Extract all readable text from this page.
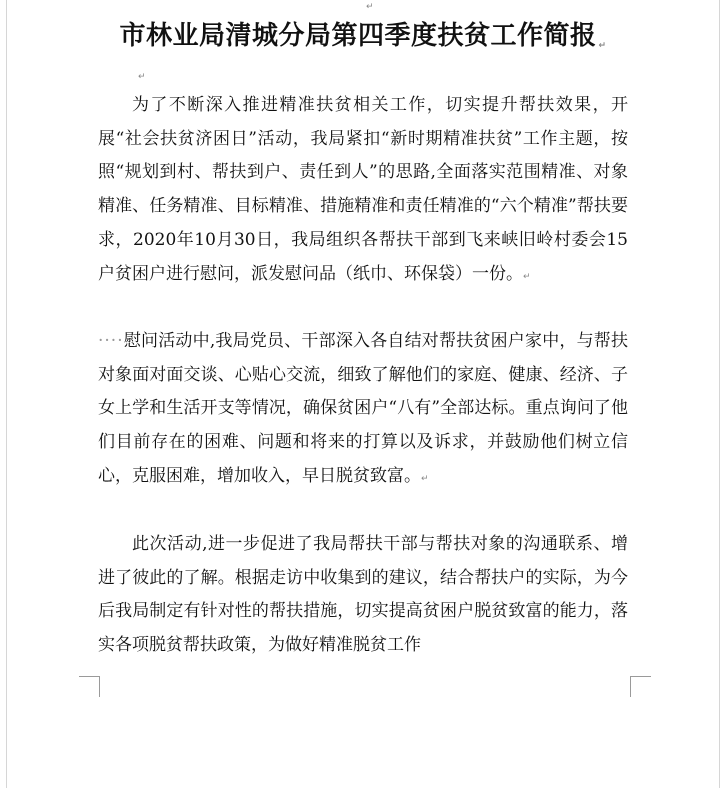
↵
市林业局清城分局第四季度扶贫工作简报 ↵
↵

为了不断深入推进精准扶贫相关工作，切实提升帮扶效果，开展“社会扶贫济困日”活动，我局紧扣“新时期精准扶贫”工作主题，按照“规划到村、帮扶到户、责任到人”的思路,全面落实范围精准、对象精准、任务精准、目标精准、措施精准和责任精准的“六个精准”帮扶要求，2020年10月30日，我局组织各帮扶干部到飞来峡旧岭村委会15户贫困户进行慰问，派发慰问品（纸巾、环保袋）一份。↵

····慰问活动中,我局党员、干部深入各自结对帮扶贫困户家中，与帮扶对象面对面交谈、心贴心交流，细致了解他们的家庭、健康、经济、子女上学和生活开支等情况，确保贫困户“八有”全部达标。重点询问了他们目前存在的困难、问题和将来的打算以及诉求，并鼓励他们树立信心，克服困难，增加收入，早日脱贫致富。↵

此次活动,进一步促进了我局帮扶干部与帮扶对象的沟通联系、增进了彼此的了解。根据走访中收集到的建议，结合帮扶户的实际，为今后我局制定有针对性的帮扶措施，切实提高贫困户脱贫致富的能力，落实各项脱贫帮扶政策，为做好精准脱贫工作
